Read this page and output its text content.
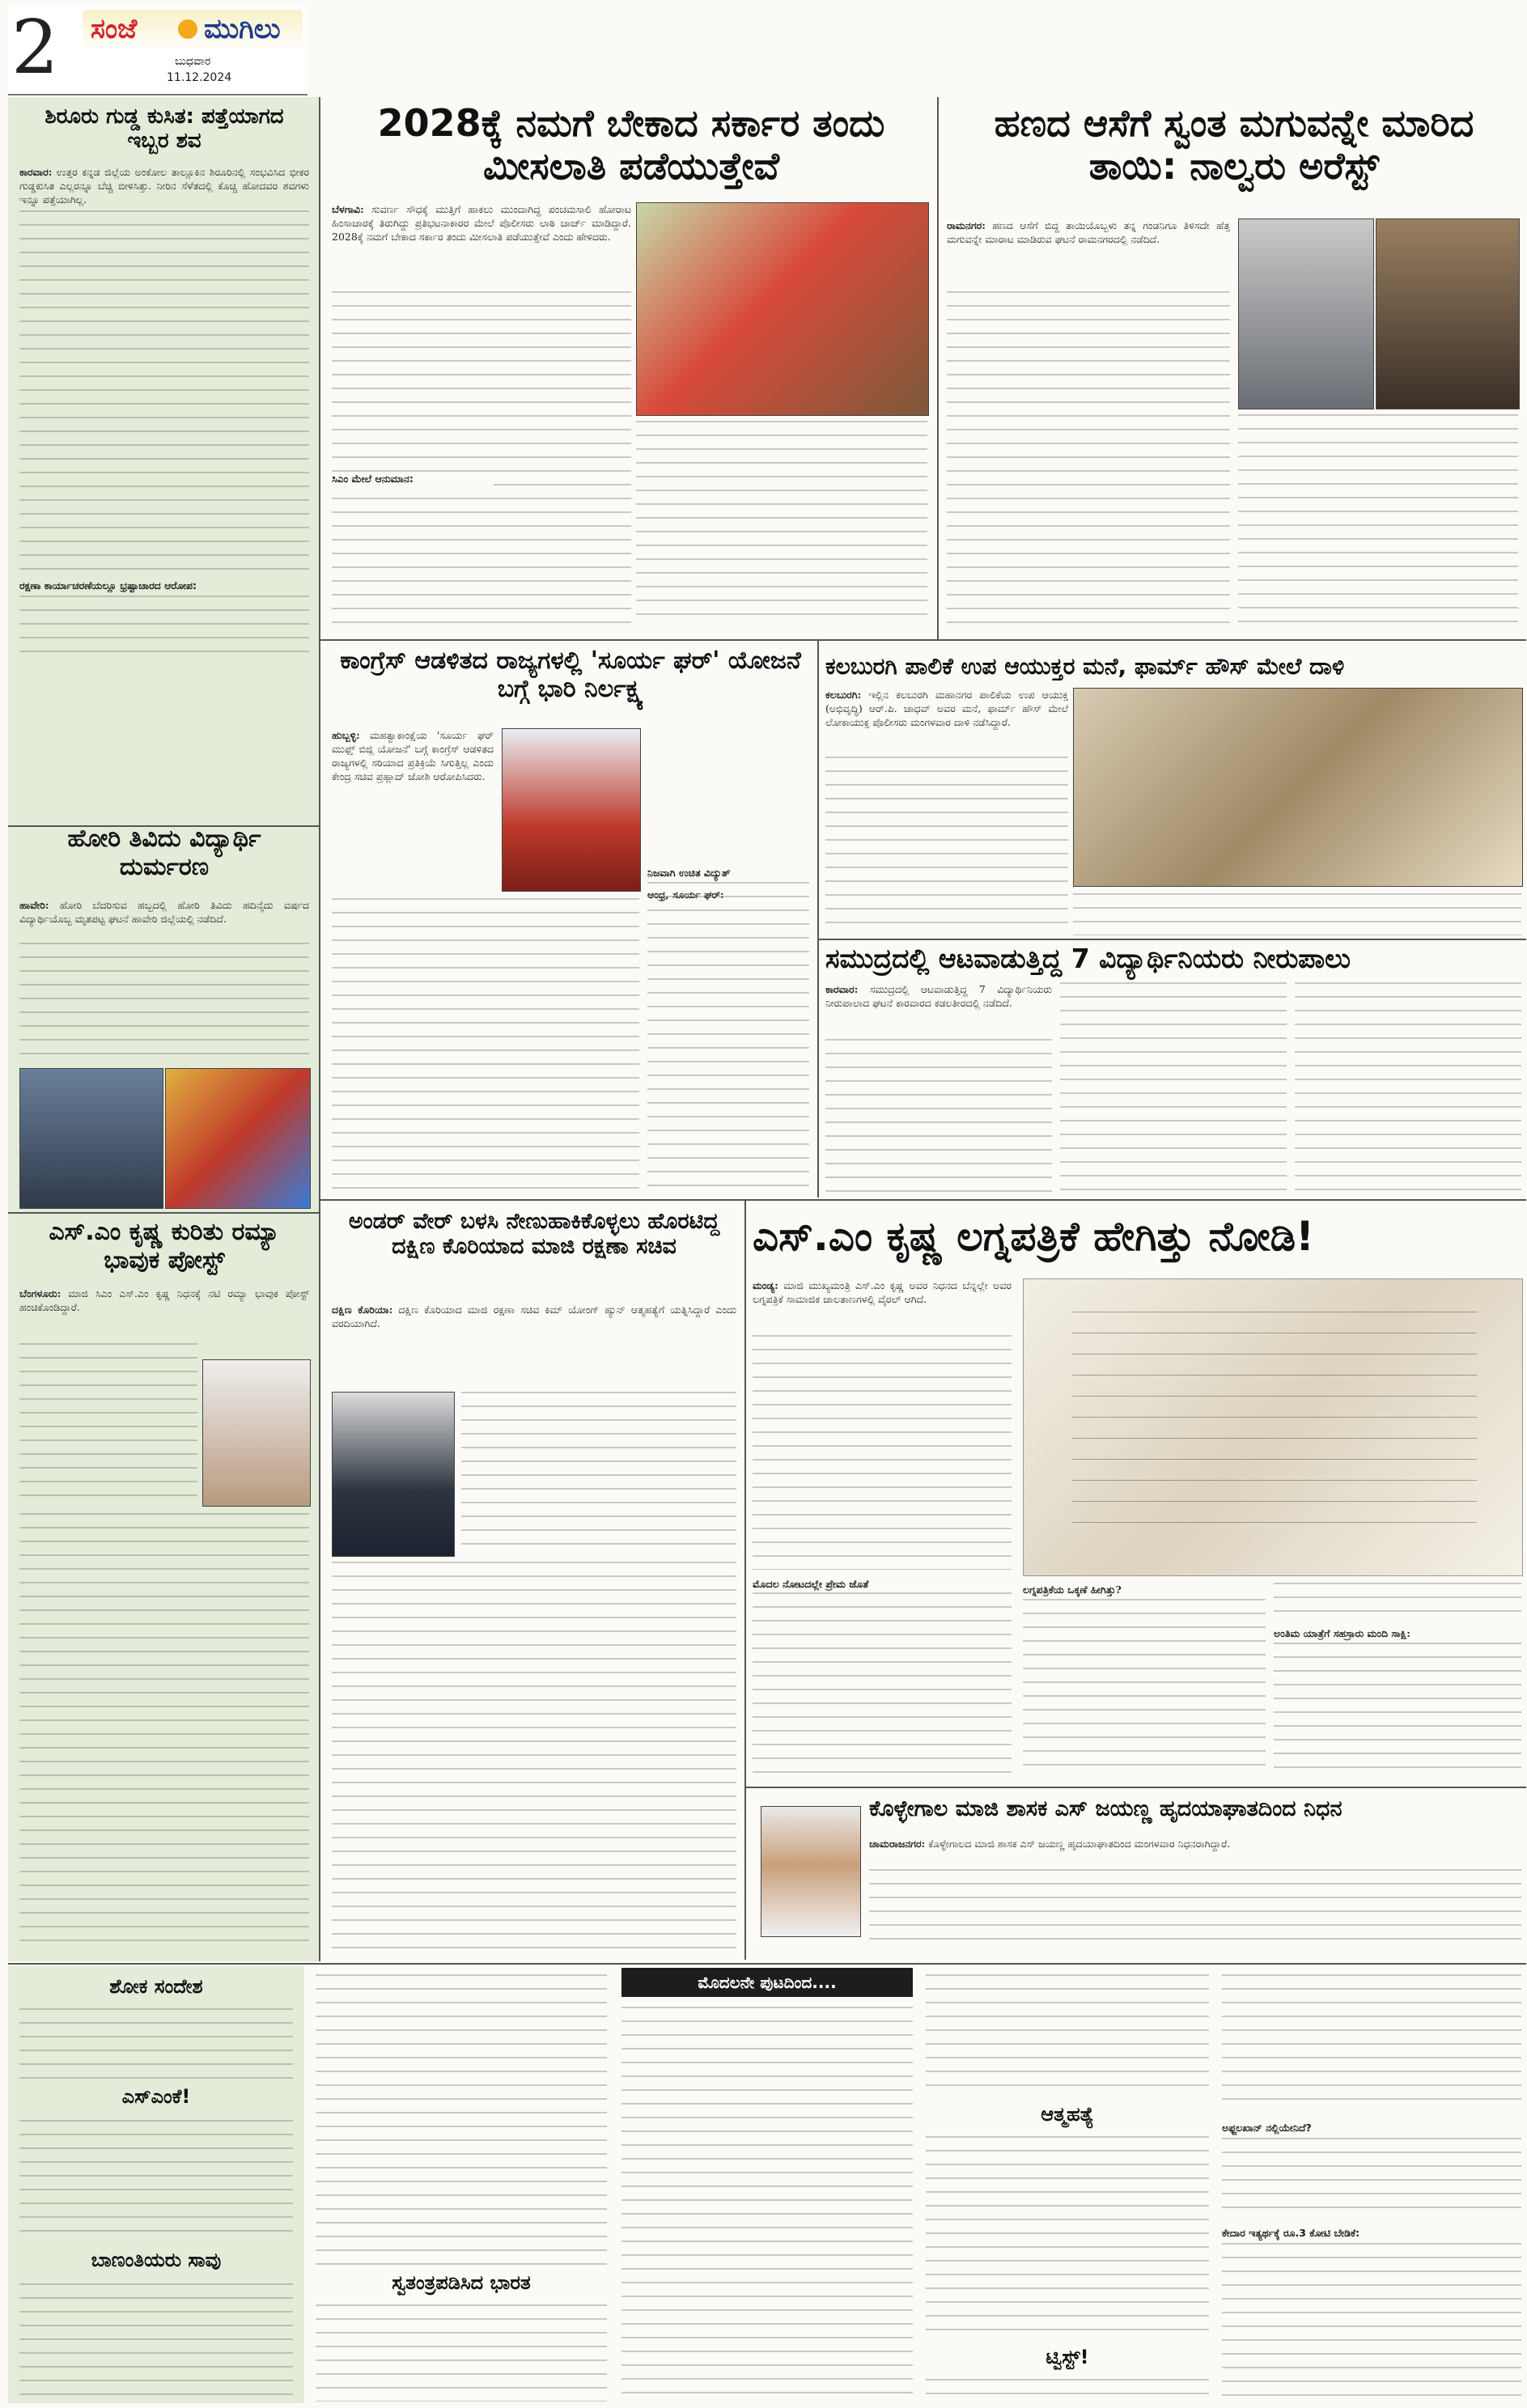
2 ಸಂಜೆ ಮುಗಿಲು
ಬುಧವಾರ
11.12.2024
ಶಿರೂರು ಗುಡ್ಡ ಕುಸಿತ: ಪತ್ತೆಯಾಗದ ಇಬ್ಬರ ಶವ
ಕಾರವಾರ: ಉತ್ತರ ಕನ್ನಡ ಜಿಲ್ಲೆಯ ಅಂಕೋಲ ತಾಲ್ಲೂಕಿನ ಶಿರೂರಿನಲ್ಲಿ ಸಂಭವಿಸಿದ ಭೀಕರ ಗುಡ್ಡಕುಸಿತ ಎಲ್ಲರನ್ನೂ ಬೆಚ್ಚಿ ಬೀಳಿಸಿತ್ತು. ನೀರಿನ ಸೆಳೆತದಲ್ಲಿ ಕೊಚ್ಚಿ ಹೋದವರ ಶವಗಳು ಇನ್ನೂ ಪತ್ತೆಯಾಗಿಲ್ಲ.
ರಕ್ಷಣಾ ಕಾರ್ಯಾಚರಣೆಯಲ್ಲೂ ಭ್ರಷ್ಟಾಚಾರದ ಆರೋಪ:
ಹೋರಿ ತಿವಿದು ವಿದ್ಯಾರ್ಥಿ ದುರ್ಮರಣ
ಹಾವೇರಿ: ಹೋರಿ ಬೆದರಿಸುವ ಹಬ್ಬದಲ್ಲಿ ಹೋರಿ ತಿವಿದು ಹದಿನೈದು ವರ್ಷದ ವಿದ್ಯಾರ್ಥಿಯೊಬ್ಬ ಮೃತಪಟ್ಟ ಘಟನೆ ಹಾವೇರಿ ಜಿಲ್ಲೆಯಲ್ಲಿ ನಡೆದಿದೆ.
ಎಸ್.ಎಂ ಕೃಷ್ಣ ಕುರಿತು ರಮ್ಯಾ ಭಾವುಕ ಪೋಸ್ಟ್
ಬೆಂಗಳೂರು: ಮಾಜಿ ಸಿಎಂ ಎಸ್.ಎಂ ಕೃಷ್ಣ ನಿಧನಕ್ಕೆ ನಟಿ ರಮ್ಯಾ ಭಾವುಕ ಪೋಸ್ಟ್ ಹಂಚಿಕೊಂಡಿದ್ದಾರೆ.
2028ಕ್ಕೆ ನಮಗೆ ಬೇಕಾದ ಸರ್ಕಾರ ತಂದು ಮೀಸಲಾತಿ ಪಡೆಯುತ್ತೇವೆ
ಬೆಳಗಾವಿ: ಸುವರ್ಣ ಸೌಧಕ್ಕೆ ಮುತ್ತಿಗೆ ಹಾಕಲು ಮುಂದಾಗಿದ್ದ ಪಂಚಮಸಾಲಿ ಹೋರಾಟ ಹಿಂಸಾಚಾರಕ್ಕೆ ತಿರುಗಿದ್ದು ಪ್ರತಿಭಟನಾಕಾರರ ಮೇಲೆ ಪೊಲೀಸರು ಲಾಠಿ ಚಾರ್ಜ್ ಮಾಡಿದ್ದಾರೆ. 2028ಕ್ಕೆ ನಮಗೆ ಬೇಕಾದ ಸರ್ಕಾರ ತಂದು ಮೀಸಲಾತಿ ಪಡೆಯುತ್ತೇವೆ ಎಂದು ಹೇಳಿದರು.
ಸಿಎಂ ಮೇಲೆ ಆನುಮಾನ:
ಹಣದ ಆಸೆಗೆ ಸ್ವಂತ ಮಗುವನ್ನೇ ಮಾರಿದ ತಾಯಿ: ನಾಲ್ವರು ಅರೆಸ್ಟ್
ರಾಮನಗರ: ಹಣದ ಆಸೆಗೆ ಬಿದ್ದ ತಾಯಿಯೊಬ್ಬಳು ತನ್ನ ಗಂಡನಿಗೂ ತಿಳಿಸದೇ ಹೆತ್ತ ಮಗುವನ್ನೇ ಮಾರಾಟ ಮಾಡಿರುವ ಘಟನೆ ರಾಮನಗರದಲ್ಲಿ ನಡೆದಿದೆ.
ಕಾಂಗ್ರೆಸ್ ಆಡಳಿತದ ರಾಜ್ಯಗಳಲ್ಲಿ 'ಸೂರ್ಯ ಘರ್' ಯೋಜನೆ ಬಗ್ಗೆ ಭಾರಿ ನಿರ್ಲಕ್ಷ್ಯ
ಹುಬ್ಬಳ್ಳಿ: ಮಹತ್ವಾಕಾಂಕ್ಷೆಯ 'ಸೂರ್ಯ ಘರ್ ಮುಫ್ತ್ ಬಿಜ್ಲಿ ಯೋಜನೆ' ಬಗ್ಗೆ ಕಾಂಗ್ರೆಸ್ ಆಡಳಿತದ ರಾಜ್ಯಗಳಲ್ಲಿ ಸರಿಯಾದ ಪ್ರತಿಕ್ರಿಯೆ ಸಿಗುತ್ತಿಲ್ಲ ಎಂದು ಕೇಂದ್ರ ಸಚಿವ ಪ್ರಹ್ಲಾದ್ ಜೋಶಿ ಆರೋಪಿಸಿದರು.
ನಿಜವಾಗಿ ಉಚಿತ ವಿದ್ಯುತ್
ಆಂಧ್ರ, ಸೂರ್ಯ ಘರ್:
ಕಲಬುರಗಿ ಪಾಲಿಕೆ ಉಪ ಆಯುಕ್ತರ ಮನೆ, ಫಾರ್ಮ್ ಹೌಸ್ ಮೇಲೆ ದಾಳಿ
ಕಲಬುರಗಿ: ಇಲ್ಲಿನ ಕಲಬುರಗಿ ಮಹಾನಗರ ಪಾಲಿಕೆಯ ಉಪ ಆಯುಕ್ತ (ಅಭಿವೃದ್ಧಿ) ಆರ್.ಪಿ. ಜಾಧವ್ ಅವರ ಮನೆ, ಫಾರ್ಮ್ ಹೌಸ್ ಮೇಲೆ ಲೋಕಾಯುಕ್ತ ಪೊಲೀಸರು ಮಂಗಳವಾರ ದಾಳಿ ನಡೆಸಿದ್ದಾರೆ.
ಸಮುದ್ರದಲ್ಲಿ ಆಟವಾಡುತ್ತಿದ್ದ 7 ವಿದ್ಯಾರ್ಥಿನಿಯರು ನೀರುಪಾಲು
ಕಾರವಾರ: ಸಮುದ್ರದಲ್ಲಿ ಆಟವಾಡುತ್ತಿದ್ದ 7 ವಿದ್ಯಾರ್ಥಿನಿಯರು ನೀರುಪಾಲಾದ ಘಟನೆ ಕಾರವಾರದ ಕಡಲತೀರದಲ್ಲಿ ನಡೆದಿದೆ.
ಅಂಡರ್ ವೇರ್ ಬಳಸಿ ನೇಣುಹಾಕಿಕೊಳ್ಳಲು ಹೊರಟಿದ್ದ ದಕ್ಷಿಣ ಕೊರಿಯಾದ ಮಾಜಿ ರಕ್ಷಣಾ ಸಚಿವ
ದಕ್ಷಿಣ ಕೊರಿಯಾ: ದಕ್ಷಿಣ ಕೊರಿಯಾದ ಮಾಜಿ ರಕ್ಷಣಾ ಸಚಿವ ಕಿಮ್ ಯೋಂಗ್ ಹ್ಯುನ್ ಆತ್ಮಹತ್ಯೆಗೆ ಯತ್ನಿಸಿದ್ದಾರೆ ಎಂದು ವರದಿಯಾಗಿದೆ.
ಎಸ್.ಎಂ ಕೃಷ್ಣ ಲಗ್ನಪತ್ರಿಕೆ ಹೇಗಿತ್ತು ನೋಡಿ!
ಮಂಡ್ಯ: ಮಾಜಿ ಮುಖ್ಯಮಂತ್ರಿ ಎಸ್.ಎಂ ಕೃಷ್ಣ ಅವರ ನಿಧನದ ಬೆನ್ನಲ್ಲೇ ಅವರ ಲಗ್ನಪತ್ರಿಕೆ ಸಾಮಾಜಿಕ ಜಾಲತಾಣಗಳಲ್ಲಿ ವೈರಲ್ ಆಗಿದೆ.
ಮೊದಲ ನೋಟದಲ್ಲೇ ಪ್ರೇಮ ಜೊತೆ	ಲಗ್ನಪತ್ರಿಕೆಯ ಒಕ್ಕಣೆ ಹೀಗಿತ್ತು?
ಅಂತಿಮ ಯಾತ್ರೆಗೆ ಸಹಸ್ರಾರು ಮಂದಿ ಸಾಕ್ಷಿ:
ಕೊಳ್ಳೇಗಾಲ ಮಾಜಿ ಶಾಸಕ ಎಸ್ ಜಯಣ್ಣ ಹೃದಯಾಘಾತದಿಂದ ನಿಧನ
ಚಾಮರಾಜನಗರ: ಕೊಳ್ಳೇಗಾಲದ ಮಾಜಿ ಶಾಸಕ ಎಸ್ ಜಯಣ್ಣ ಹೃದಯಾಘಾತದಿಂದ ಮಂಗಳವಾರ ನಿಧನರಾಗಿದ್ದಾರೆ.
ಶೋಕ ಸಂದೇಶ
ಎಸ್ಎಂಕೆ!
ಬಾಣಂತಿಯರು ಸಾವು
ಸ್ವತಂತ್ರಪಡಿಸಿದ ಭಾರತ
ಮೊದಲನೇ ಪುಟದಿಂದ....
ಆತ್ಮಹತ್ಯೆ
ಟ್ವಿಸ್ಟ್!
ಅಫ್ಜಲಖಾನ್ ನಲ್ಲಿಯೇನಿದೆ?
ಕೇದಾರ ಇತ್ಯರ್ಥಕ್ಕೆ ರೂ.3 ಕೋಟಿ ಬೇಡಿಕೆ:
